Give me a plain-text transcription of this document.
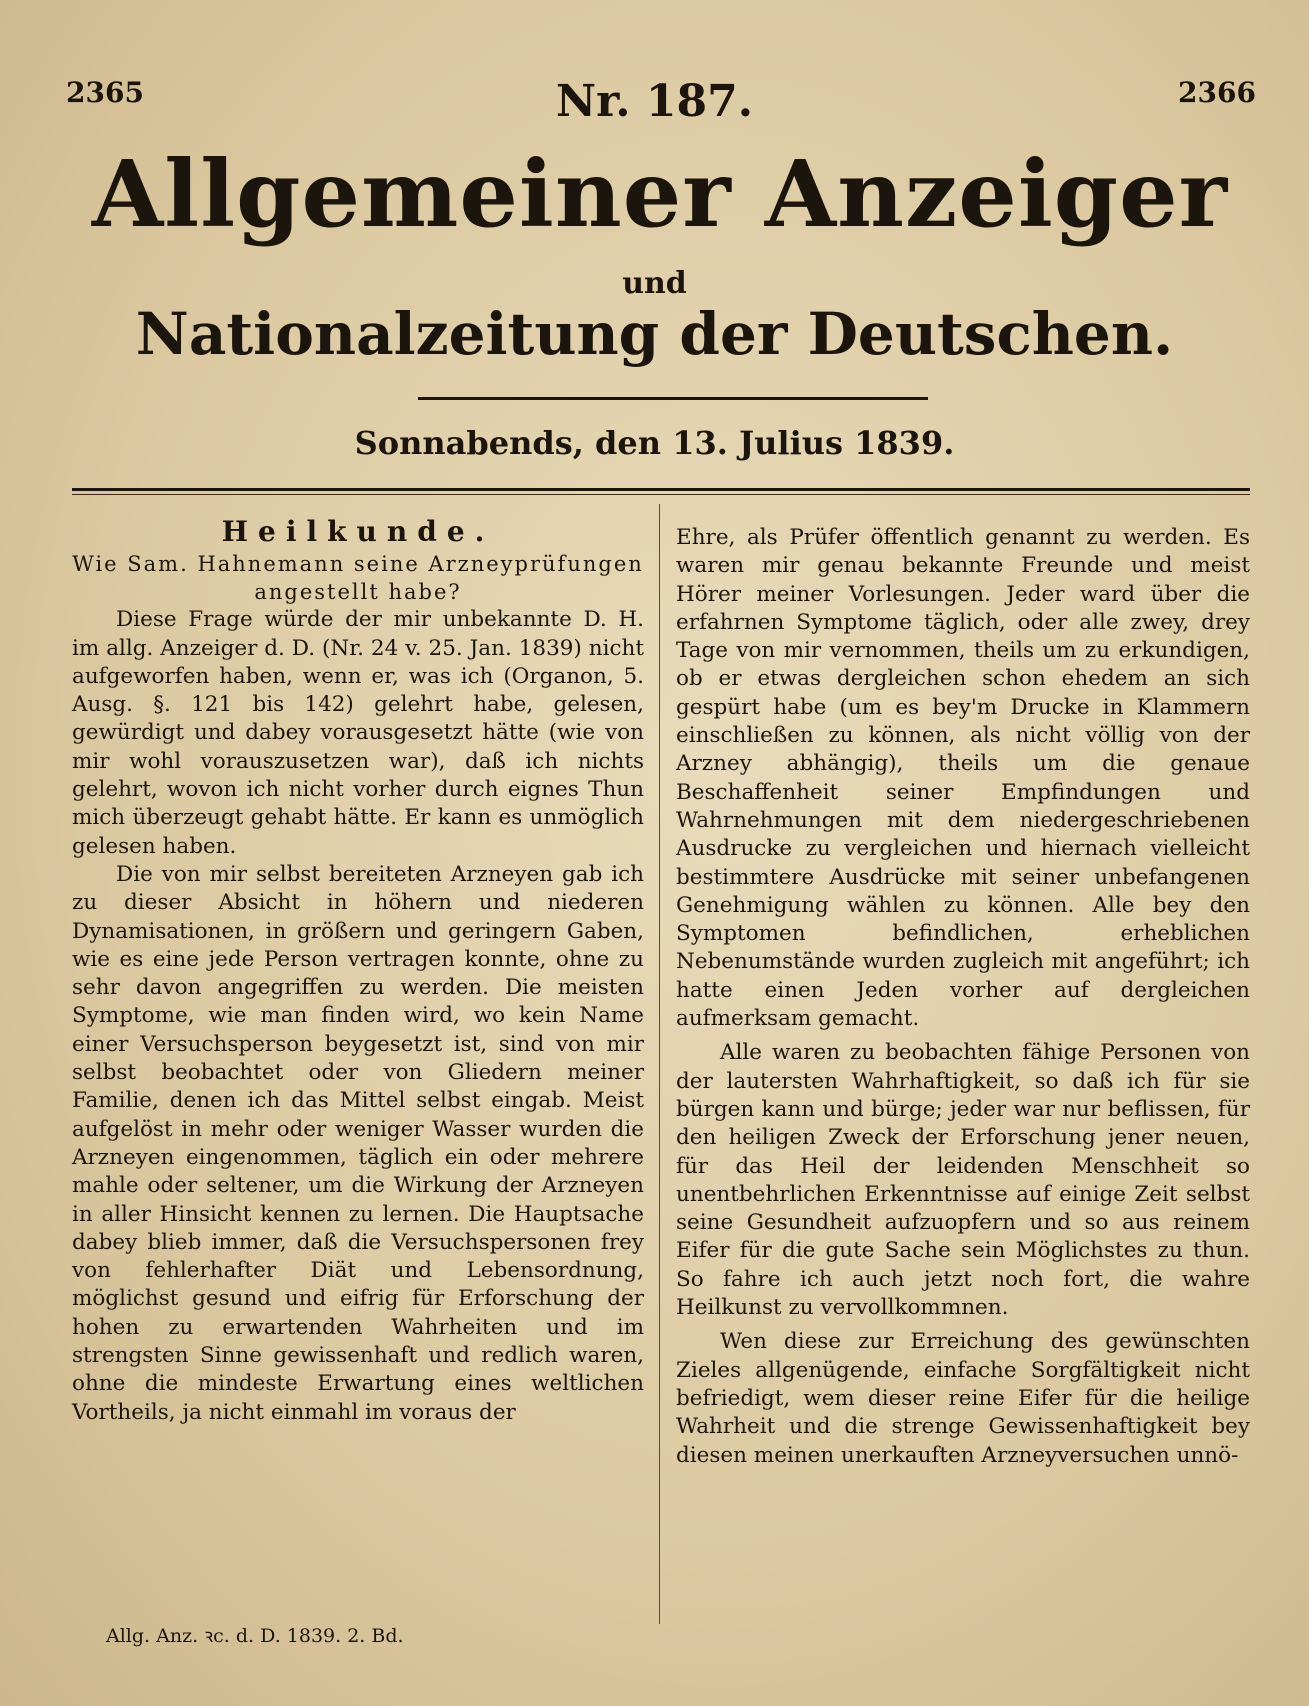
2365	Nr. 187.	2366
Allgemeiner Anzeiger
und
Nationalzeitung der Deutschen.
Sonnabends, den 13. Julius 1839.
Heilkunde.
Wie Sam. Hahnemann seine Arzneyprüfungen angestellt habe?

Diese Frage würde der mir unbekannte D. H. im allg. Anzeiger d. D. (Nr. 24 v. 25. Jan. 1839) nicht aufgeworfen haben, wenn er, was ich (Organon, 5. Ausg. §. 121 bis 142) gelehrt habe, gelesen, gewürdigt und dabey vorausgesetzt hätte (wie von mir wohl vorauszusetzen war), daß ich nichts gelehrt, wovon ich nicht vorher durch eignes Thun mich überzeugt gehabt hätte. Er kann es unmöglich gelesen haben.

Die von mir selbst bereiteten Arzneyen gab ich zu dieser Absicht in höhern und niederen Dynamisationen, in größern und geringern Gaben, wie es eine jede Person vertragen konnte, ohne zu sehr davon angegriffen zu werden. Die meisten Symptome, wie man finden wird, wo kein Name einer Versuchsperson beygesetzt ist, sind von mir selbst beobachtet oder von Gliedern meiner Familie, denen ich das Mittel selbst eingab. Meist aufgelöst in mehr oder weniger Wasser wurden die Arzneyen eingenommen, täglich ein oder mehrere mahle oder seltener, um die Wirkung der Arzneyen in aller Hinsicht kennen zu lernen. Die Hauptsache dabey blieb immer, daß die Versuchspersonen frey von fehlerhafter Diät und Lebensordnung, möglichst gesund und eifrig für Erforschung der hohen zu erwartenden Wahrheiten und im strengsten Sinne gewissenhaft und redlich waren, ohne die mindeste Erwartung eines weltlichen Vortheils, ja nicht einmahl im voraus der

Ehre, als Prüfer öffentlich genannt zu werden. Es waren mir genau bekannte Freunde und meist Hörer meiner Vorlesungen. Jeder ward über die erfahrnen Symptome täglich, oder alle zwey, drey Tage von mir vernommen, theils um zu erkundigen, ob er etwas dergleichen schon ehedem an sich gespürt habe (um es bey'm Drucke in Klammern einschließen zu können, als nicht völlig von der Arzney abhängig), theils um die genaue Beschaffenheit seiner Empfindungen und Wahrnehmungen mit dem niedergeschriebenen Ausdrucke zu vergleichen und hiernach vielleicht bestimmtere Ausdrücke mit seiner unbefangenen Genehmigung wählen zu können. Alle bey den Symptomen befindlichen, erheblichen Nebenumstände wurden zugleich mit angeführt; ich hatte einen Jeden vorher auf dergleichen aufmerksam gemacht.

Alle waren zu beobachten fähige Personen von der lautersten Wahrhaftigkeit, so daß ich für sie bürgen kann und bürge; jeder war nur beflissen, für den heiligen Zweck der Erforschung jener neuen, für das Heil der leidenden Menschheit so unentbehrlichen Erkenntnisse auf einige Zeit selbst seine Gesundheit aufzuopfern und so aus reinem Eifer für die gute Sache sein Möglichstes zu thun. So fahre ich auch jetzt noch fort, die wahre Heilkunst zu vervollkommnen.

Wen diese zur Erreichung des gewünschten Zieles allgenügende, einfache Sorgfältigkeit nicht befriedigt, wem dieser reine Eifer für die heilige Wahrheit und die strenge Gewissenhaftigkeit bey diesen meinen unerkauften Arzneyversuchen unnö-

Allg. Anz. ꝛc. d. D. 1839. 2. Bd.
